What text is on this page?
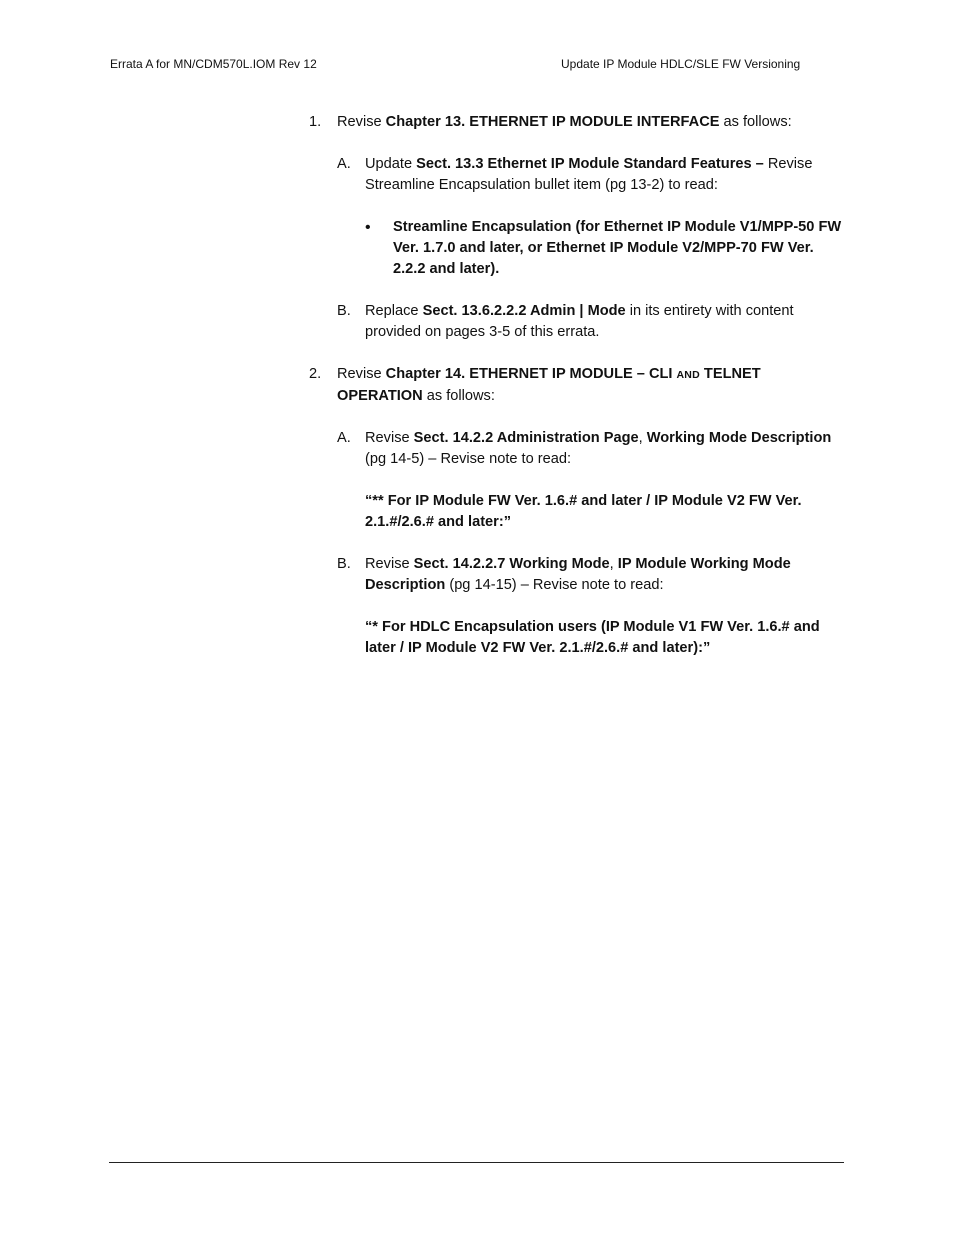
Errata A for MN/CDM570L.IOM Rev 12	Update IP Module HDLC/SLE FW Versioning
1.	Revise Chapter 13. ETHERNET IP MODULE INTERFACE as follows:
A. Update Sect. 13.3 Ethernet IP Module Standard Features – Revise Streamline Encapsulation bullet item (pg 13-2) to read:
•	Streamline Encapsulation (for Ethernet IP Module V1/MPP-50 FW Ver. 1.7.0 and later, or Ethernet IP Module V2/MPP-70 FW Ver. 2.2.2 and later).
B. Replace Sect. 13.6.2.2.2 Admin | Mode in its entirety with content provided on pages 3-5 of this errata.
2.	Revise Chapter 14. ETHERNET IP MODULE – CLI AND TELNET OPERATION as follows:
A. Revise Sect. 14.2.2 Administration Page, Working Mode Description (pg 14-5) – Revise note to read:
“** For IP Module FW Ver. 1.6.# and later / IP Module V2 FW Ver. 2.1.#/2.6.# and later:”
B. Revise Sect. 14.2.2.7 Working Mode, IP Module Working Mode Description (pg 14-15) – Revise note to read:
“* For HDLC Encapsulation users (IP Module V1 FW Ver. 1.6.# and later / IP Module V2 FW Ver. 2.1.#/2.6.# and later):”
